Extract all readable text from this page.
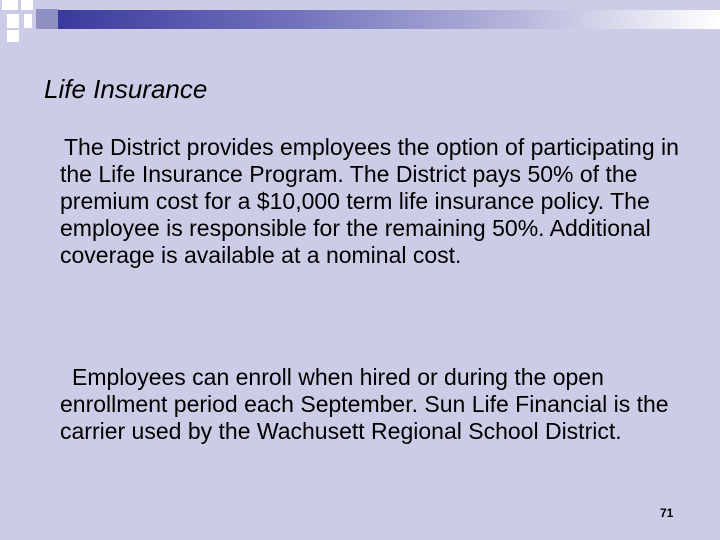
Life Insurance

The District provides employees the option of participating in the Life Insurance Program. The District pays 50% of the premium cost for a $10,000 term life insurance policy. The employee is responsible for the remaining 50%. Additional coverage is available at a nominal cost.

Employees can enroll when hired or during the open enrollment period each September. Sun Life Financial is the carrier used by the Wachusett Regional School District.

71
